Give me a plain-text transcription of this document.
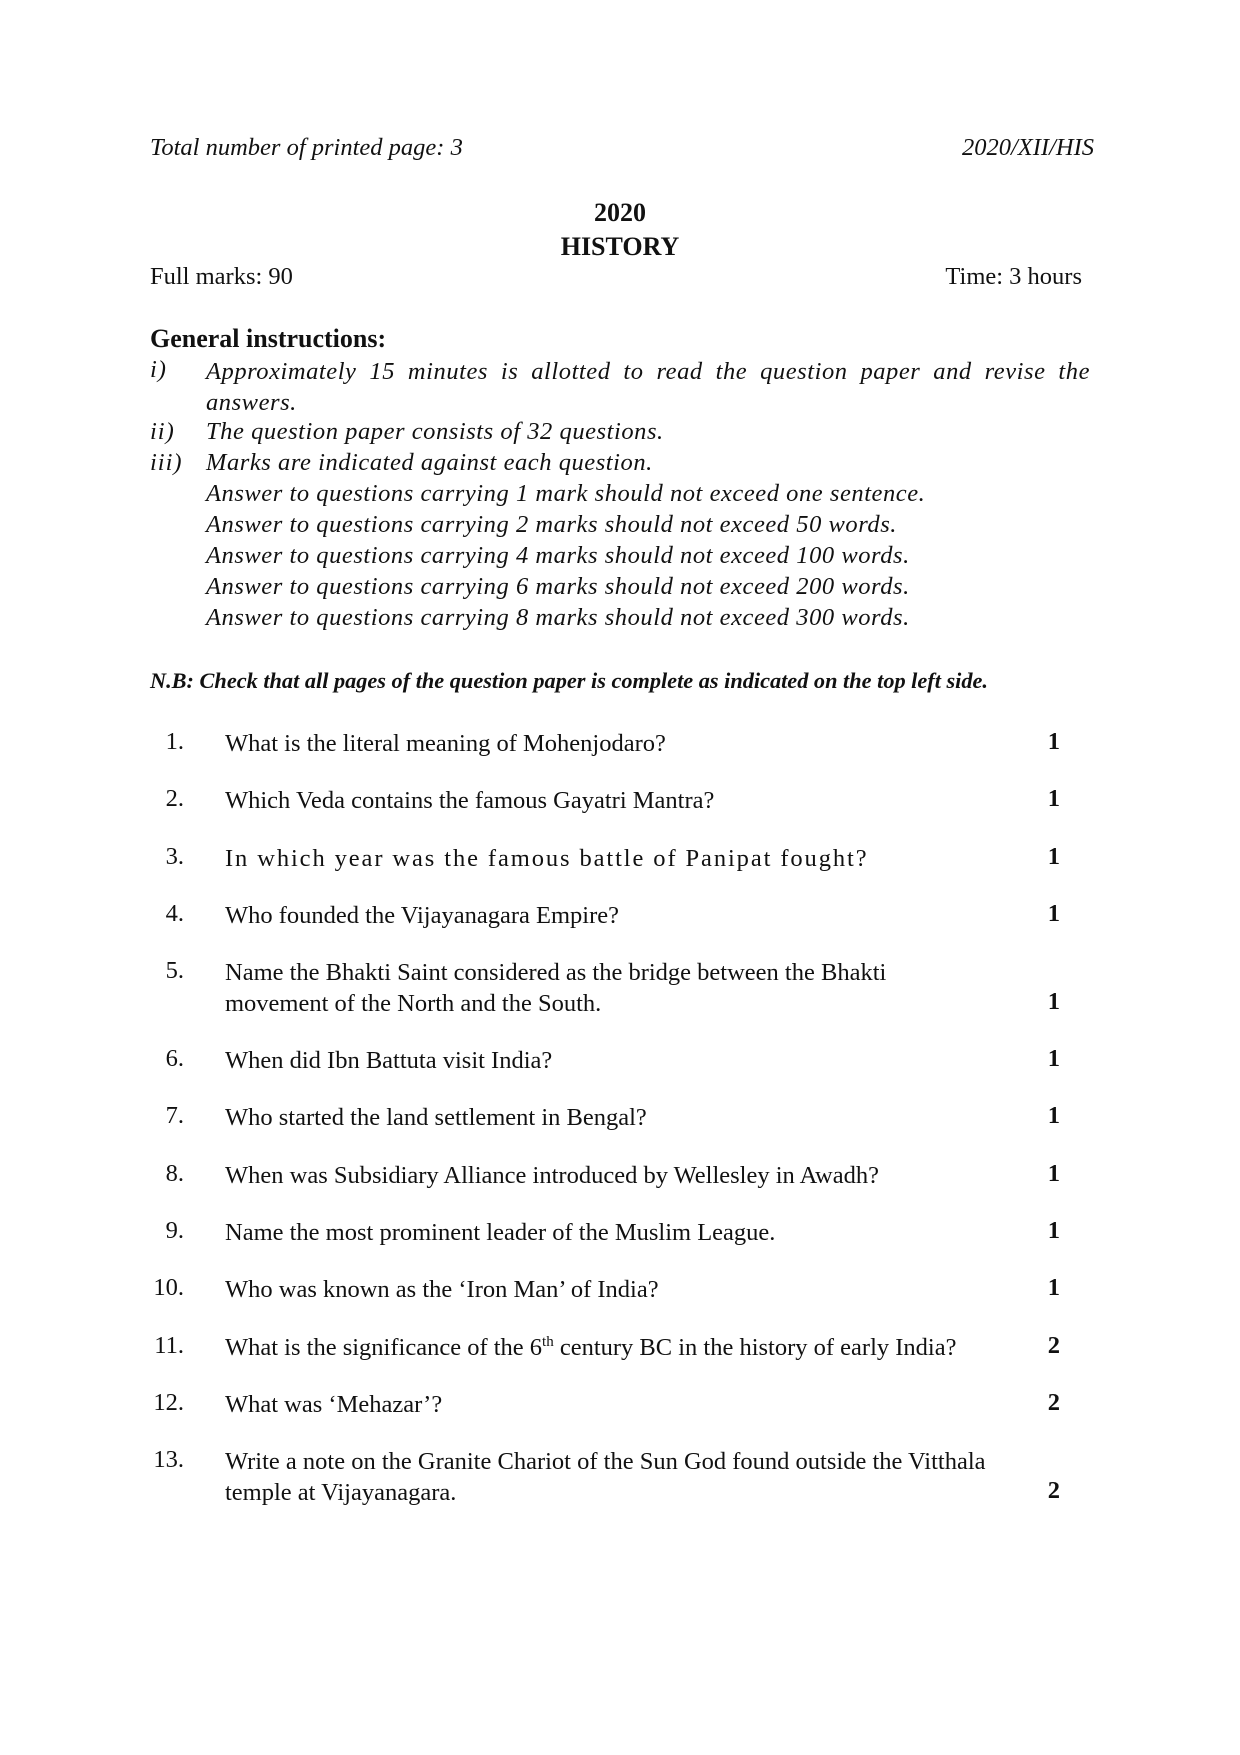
Total number of printed page: 3	2020/XII/HIS
2020
HISTORY
Full marks: 90	Time: 3 hours
General instructions:
i) Approximately 15 minutes is allotted to read the question paper and revise the answers.
ii) The question paper consists of 32 questions.
iii) Marks are indicated against each question.
Answer to questions carrying 1 mark should not exceed one sentence.
Answer to questions carrying 2 marks should not exceed 50 words.
Answer to questions carrying 4 marks should not exceed 100 words.
Answer to questions carrying 6 marks should not exceed 200 words.
Answer to questions carrying 8 marks should not exceed 300 words.
N.B: Check that all pages of the question paper is complete as indicated on the top left side.
1. What is the literal meaning of Mohenjodaro?	1
2. Which Veda contains the famous Gayatri Mantra?	1
3. In which year was the famous battle of Panipat fought?	1
4. Who founded the Vijayanagara Empire?	1
5. Name the Bhakti Saint considered as the bridge between the Bhakti movement of the North and the South.	1
6. When did Ibn Battuta visit India?	1
7. Who started the land settlement in Bengal?	1
8. When was Subsidiary Alliance introduced by Wellesley in Awadh?	1
9. Name the most prominent leader of the Muslim League.	1
10. Who was known as the ‘Iron Man’ of India?	1
11. What is the significance of the 6th century BC in the history of early India?	2
12. What was ‘Mehazar’?	2
13. Write a note on the Granite Chariot of the Sun God found outside the Vitthala temple at Vijayanagara.	2
